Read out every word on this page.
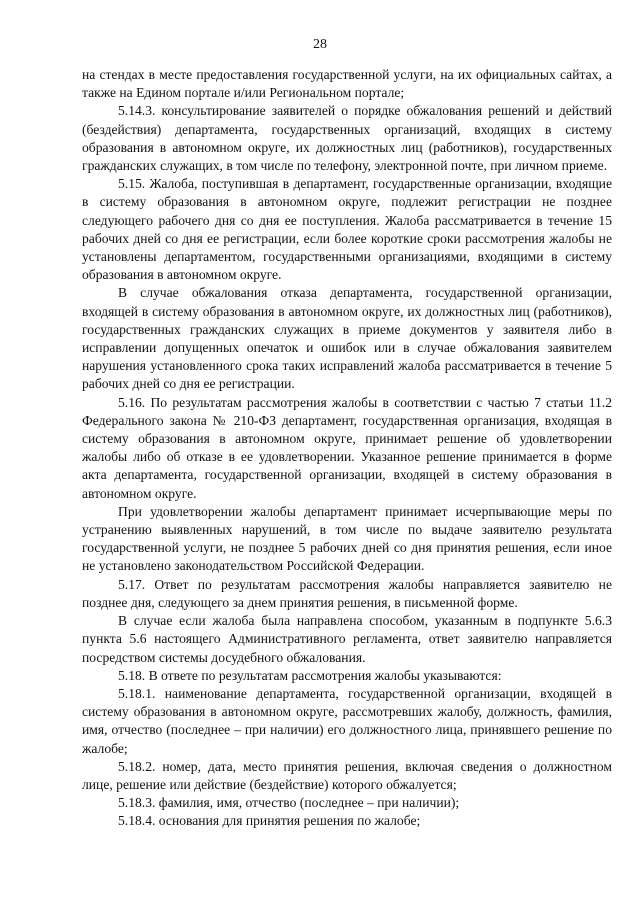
28

на стендах в месте предоставления государственной услуги, на их официальных сайтах, а также на Едином портале и/или Региональном портале;

5.14.3. консультирование заявителей о порядке обжалования решений и действий (бездействия) департамента, государственных организаций, входящих в систему образования в автономном округе, их должностных лиц (работников), государственных гражданских служащих, в том числе по телефону, электронной почте, при личном приеме.

5.15. Жалоба, поступившая в департамент, государственные организации, входящие в систему образования в автономном округе, подлежит регистрации не позднее следующего рабочего дня со дня ее поступления. Жалоба рассматривается в течение 15 рабочих дней со дня ее регистрации, если более короткие сроки рассмотрения жалобы не установлены департаментом, государственными организациями, входящими в систему образования в автономном округе.

В случае обжалования отказа департамента, государственной организации, входящей в систему образования в автономном округе, их должностных лиц (работников), государственных гражданских служащих в приеме документов у заявителя либо в исправлении допущенных опечаток и ошибок или в случае обжалования заявителем нарушения установленного срока таких исправлений жалоба рассматривается в течение 5 рабочих дней со дня ее регистрации.

5.16. По результатам рассмотрения жалобы в соответствии с частью 7 статьи 11.2 Федерального закона № 210-ФЗ департамент, государственная организация, входящая в систему образования в автономном округе, принимает решение об удовлетворении жалобы либо об отказе в ее удовлетворении. Указанное решение принимается в форме акта департамента, государственной организации, входящей в систему образования в автономном округе.

При удовлетворении жалобы департамент принимает исчерпывающие меры по устранению выявленных нарушений, в том числе по выдаче заявителю результата государственной услуги, не позднее 5 рабочих дней со дня принятия решения, если иное не установлено законодательством Российской Федерации.

5.17. Ответ по результатам рассмотрения жалобы направляется заявителю не позднее дня, следующего за днем принятия решения, в письменной форме.

В случае если жалоба была направлена способом, указанным в подпункте 5.6.3 пункта 5.6 настоящего Административного регламента, ответ заявителю направляется посредством системы досудебного обжалования.

5.18. В ответе по результатам рассмотрения жалобы указываются:

5.18.1. наименование департамента, государственной организации, входящей в систему образования в автономном округе, рассмотревших жалобу, должность, фамилия, имя, отчество (последнее – при наличии) его должностного лица, принявшего решение по жалобе;

5.18.2. номер, дата, место принятия решения, включая сведения о должностном лице, решение или действие (бездействие) которого обжалуется;

5.18.3. фамилия, имя, отчество (последнее – при наличии);

5.18.4. основания для принятия решения по жалобе;
